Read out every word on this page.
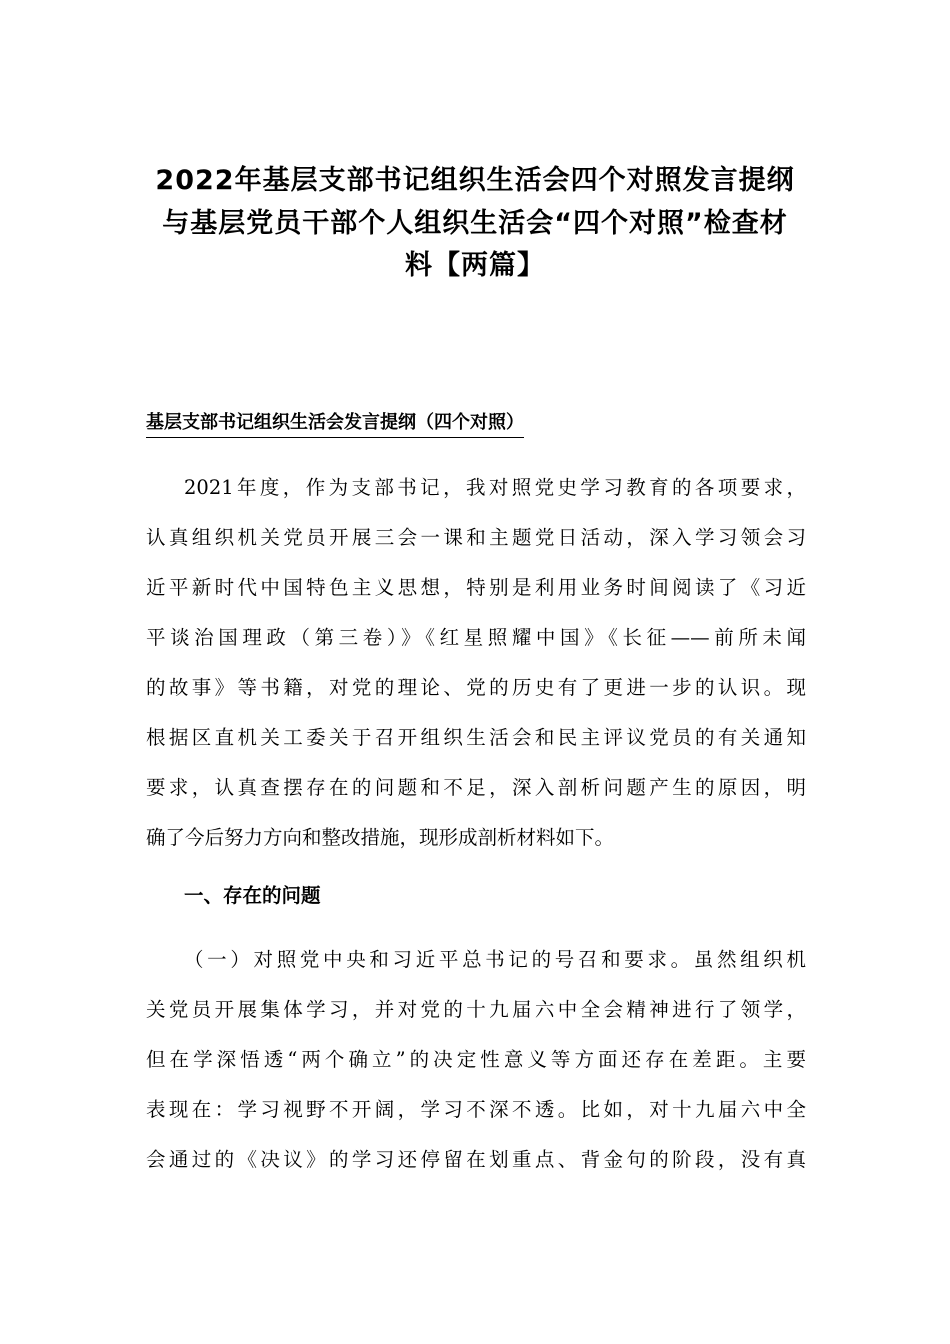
2022年基层支部书记组织生活会四个对照发言提纲
与基层党员干部个人组织生活会“四个对照”检查材
料【两篇】
基层支部书记组织生活会发言提纲（四个对照）
2021年度，作为支部书记，我对照党史学习教育的各项要求，
认真组织机关党员开展三会一课和主题党日活动，深入学习领会习
近平新时代中国特色主义思想，特别是利用业务时间阅读了《习近
平谈治国理政（第三卷）》《红星照耀中国》《长征——前所未闻
的故事》等书籍，对党的理论、党的历史有了更进一步的认识。现
根据区直机关工委关于召开组织生活会和民主评议党员的有关通知
要求，认真查摆存在的问题和不足，深入剖析问题产生的原因，明
确了今后努力方向和整改措施，现形成剖析材料如下。
一、存在的问题
（一）对照党中央和习近平总书记的号召和要求。虽然组织机
关党员开展集体学习，并对党的十九届六中全会精神进行了领学，
但在学深悟透“两个确立”的决定性意义等方面还存在差距。主要
表现在：学习视野不开阔，学习不深不透。比如，对十九届六中全
会通过的《决议》的学习还停留在划重点、背金句的阶段，没有真
